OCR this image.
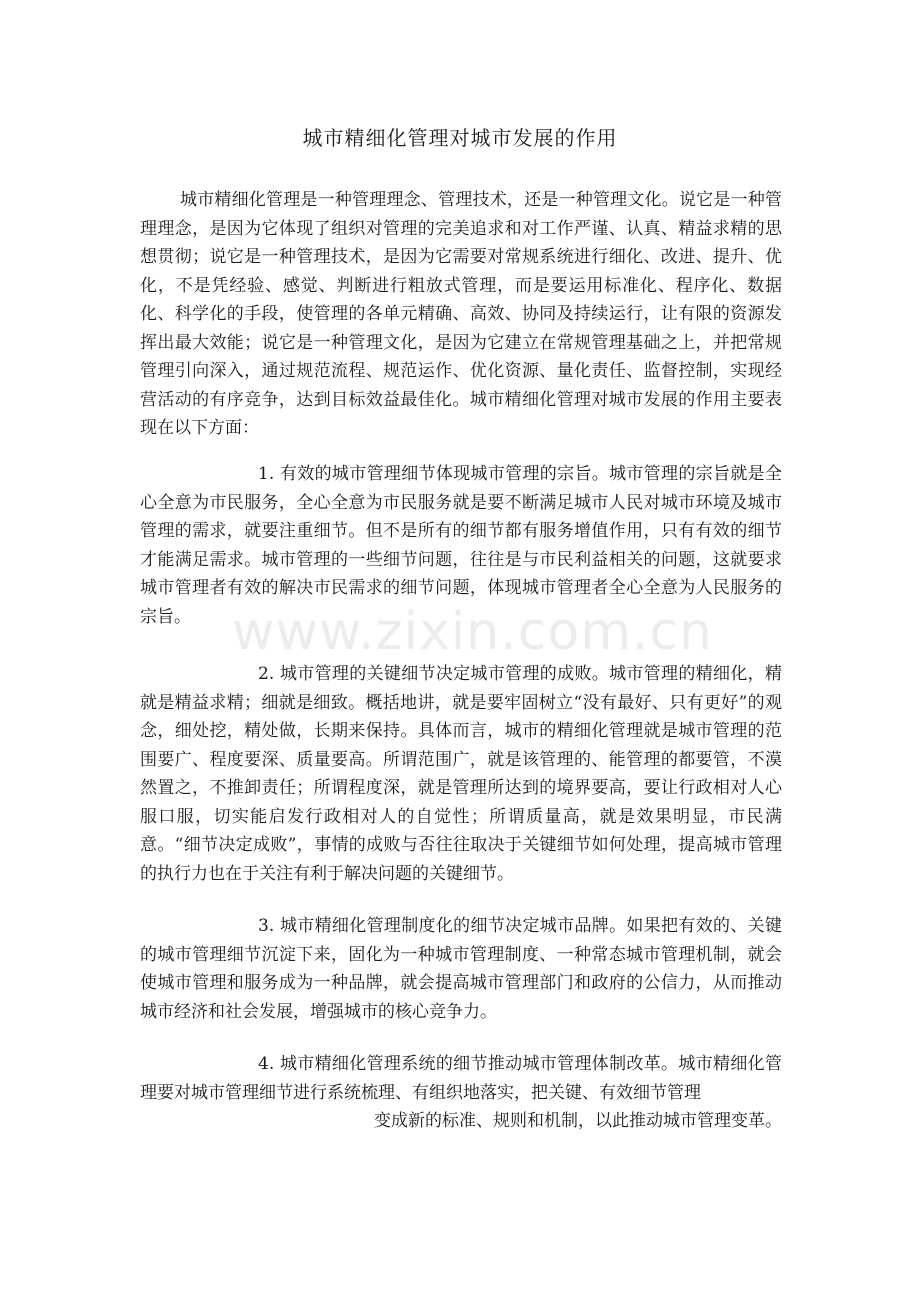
城市精细化管理对城市发展的作用

城市精细化管理是一种管理理念、管理技术，还是一种管理文化。说它是一种管理理念，是因为它体现了组织对管理的完美追求和对工作严谨、认真、精益求精的思想贯彻；说它是一种管理技术，是因为它需要对常规系统进行细化、改进、提升、优化，不是凭经验、感觉、判断进行粗放式管理，而是要运用标准化、程序化、数据化、科学化的手段，使管理的各单元精确、高效、协同及持续运行，让有限的资源发挥出最大效能；说它是一种管理文化，是因为它建立在常规管理基础之上，并把常规管理引向深入，通过规范流程、规范运作、优化资源、量化责任、监督控制，实现经营活动的有序竞争，达到目标效益最佳化。城市精细化管理对城市发展的作用主要表现在以下方面：

1. 有效的城市管理细节体现城市管理的宗旨。城市管理的宗旨就是全心全意为市民服务，全心全意为市民服务就是要不断满足城市人民对城市环境及城市管理的需求，就要注重细节。但不是所有的细节都有服务增值作用，只有有效的细节才能满足需求。城市管理的一些细节问题，往往是与市民利益相关的问题，这就要求城市管理者有效的解决市民需求的细节问题，体现城市管理者全心全意为人民服务的宗旨。

2. 城市管理的关键细节决定城市管理的成败。城市管理的精细化，精就是精益求精；细就是细致。概括地讲，就是要牢固树立“没有最好、只有更好”的观念，细处挖，精处做，长期来保持。具体而言，城市的精细化管理就是城市管理的范围要广、程度要深、质量要高。所谓范围广，就是该管理的、能管理的都要管，不漠然置之，不推卸责任；所谓程度深，就是管理所达到的境界要高，要让行政相对人心服口服，切实能启发行政相对人的自觉性；所谓质量高，就是效果明显，市民满意。“细节决定成败”，事情的成败与否往往取决于关键细节如何处理，提高城市管理的执行力也在于关注有利于解决问题的关键细节。

3. 城市精细化管理制度化的细节决定城市品牌。如果把有效的、关键的城市管理细节沉淀下来，固化为一种城市管理制度、一种常态城市管理机制，就会使城市管理和服务成为一种品牌，就会提高城市管理部门和政府的公信力，从而推动城市经济和社会发展，增强城市的核心竞争力。

4. 城市精细化管理系统的细节推动城市管理体制改革。城市精细化管理要对城市管理细节进行系统梳理、有组织地落实，把关键、有效细节管理
变成新的标准、规则和机制，以此推动城市管理变革。

www.zixin.com.cn
